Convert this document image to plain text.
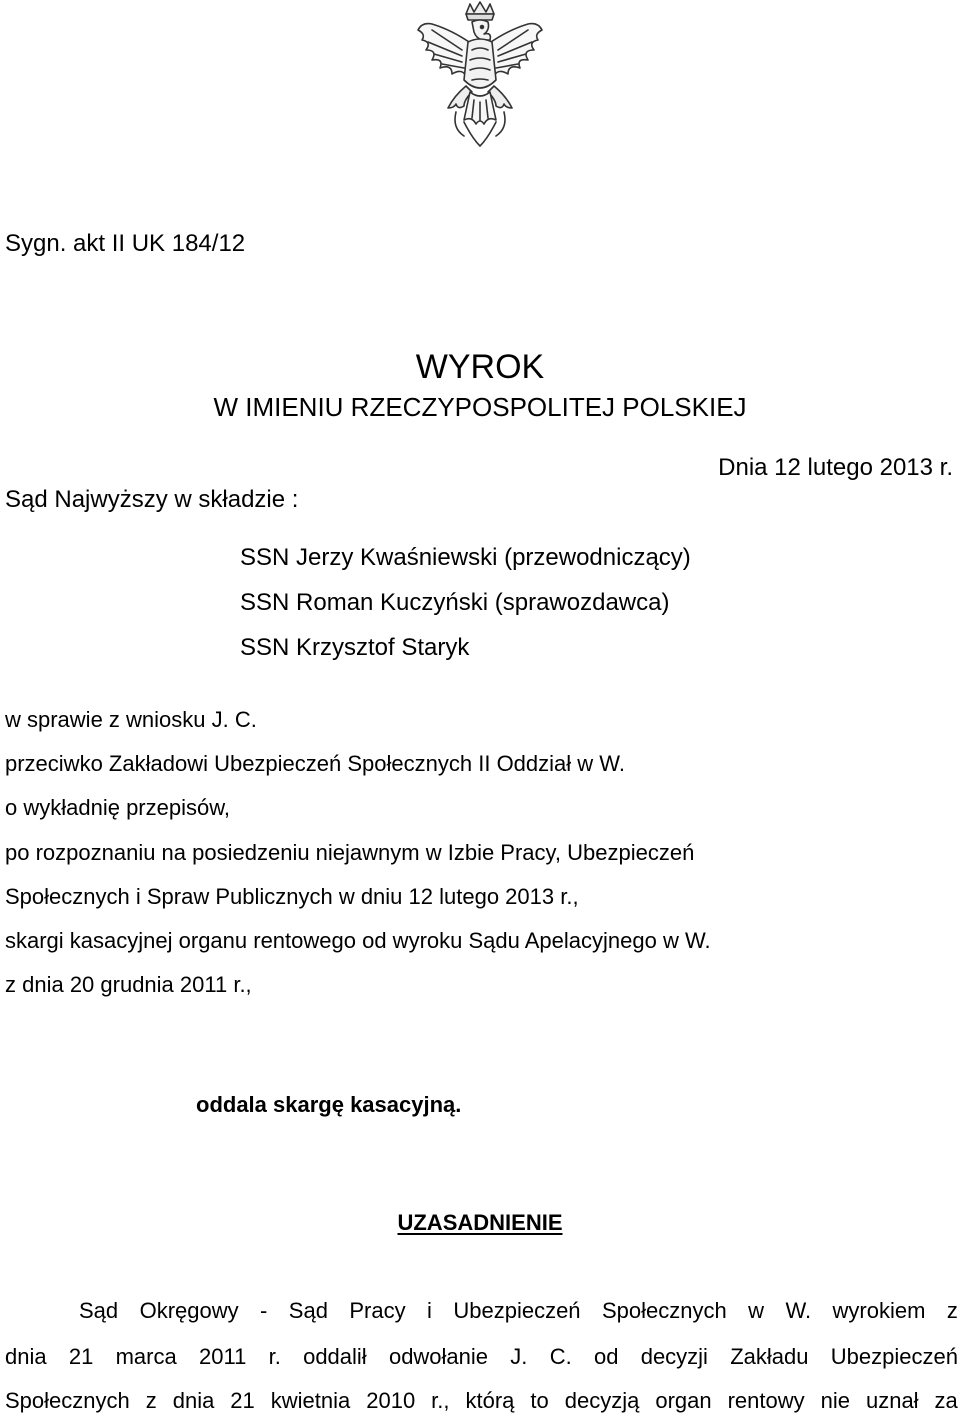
Sygn. akt II UK 184/12
WYROK
W IMIENIU RZECZYPOSPOLITEJ POLSKIEJ
Dnia 12 lutego 2013 r.
Sąd Najwyższy w składzie :
SSN Jerzy Kwaśniewski (przewodniczący)
SSN Roman Kuczyński (sprawozdawca)
SSN Krzysztof Staryk
w sprawie z wniosku J. C.
przeciwko Zakładowi Ubezpieczeń Społecznych II Oddział w W.
o wykładnię przepisów,
po rozpoznaniu na posiedzeniu niejawnym w Izbie Pracy, Ubezpieczeń
Społecznych i Spraw Publicznych w dniu 12 lutego 2013 r.,
skargi kasacyjnej organu rentowego od wyroku Sądu Apelacyjnego w W.
z dnia 20 grudnia 2011 r.,
oddala skargę kasacyjną.
UZASADNIENIE
Sąd Okręgowy - Sąd Pracy i Ubezpieczeń Społecznych w W. wyrokiem z
dnia 21 marca 2011 r. oddalił odwołanie J. C. od decyzji Zakładu Ubezpieczeń
Społecznych z dnia 21 kwietnia 2010 r., którą to decyzją organ rentowy nie uznał za
